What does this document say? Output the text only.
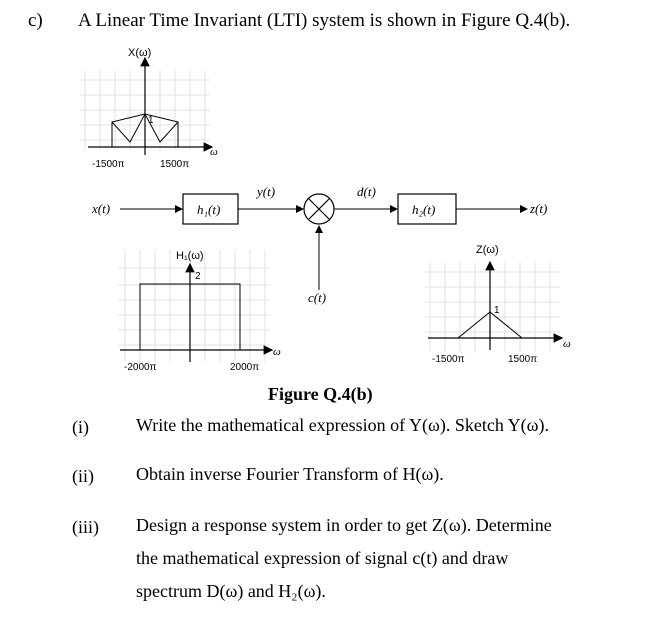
c) A Linear Time Invariant (LTI) system is shown in Figure Q.4(b).
X(ω)
1
ω
-1500π	1500π
x(t)	h₁(t)
y(t)
c(t)
d(t)
h₂(t)	z(t)
H₁(ω)
2
ω
-2000π	2000π
Z(ω)
1
ω
-1500π	1500π
Figure Q.4(b)
(i)	Write the mathematical expression of Y(ω). Sketch Y(ω).
(ii) Obtain inverse Fourier Transform of H(ω).
(iii) Design a response system in order to get Z(ω). Determine
the mathematical expression of signal c(t) and draw
spectrum D(ω) and H₂(ω).
